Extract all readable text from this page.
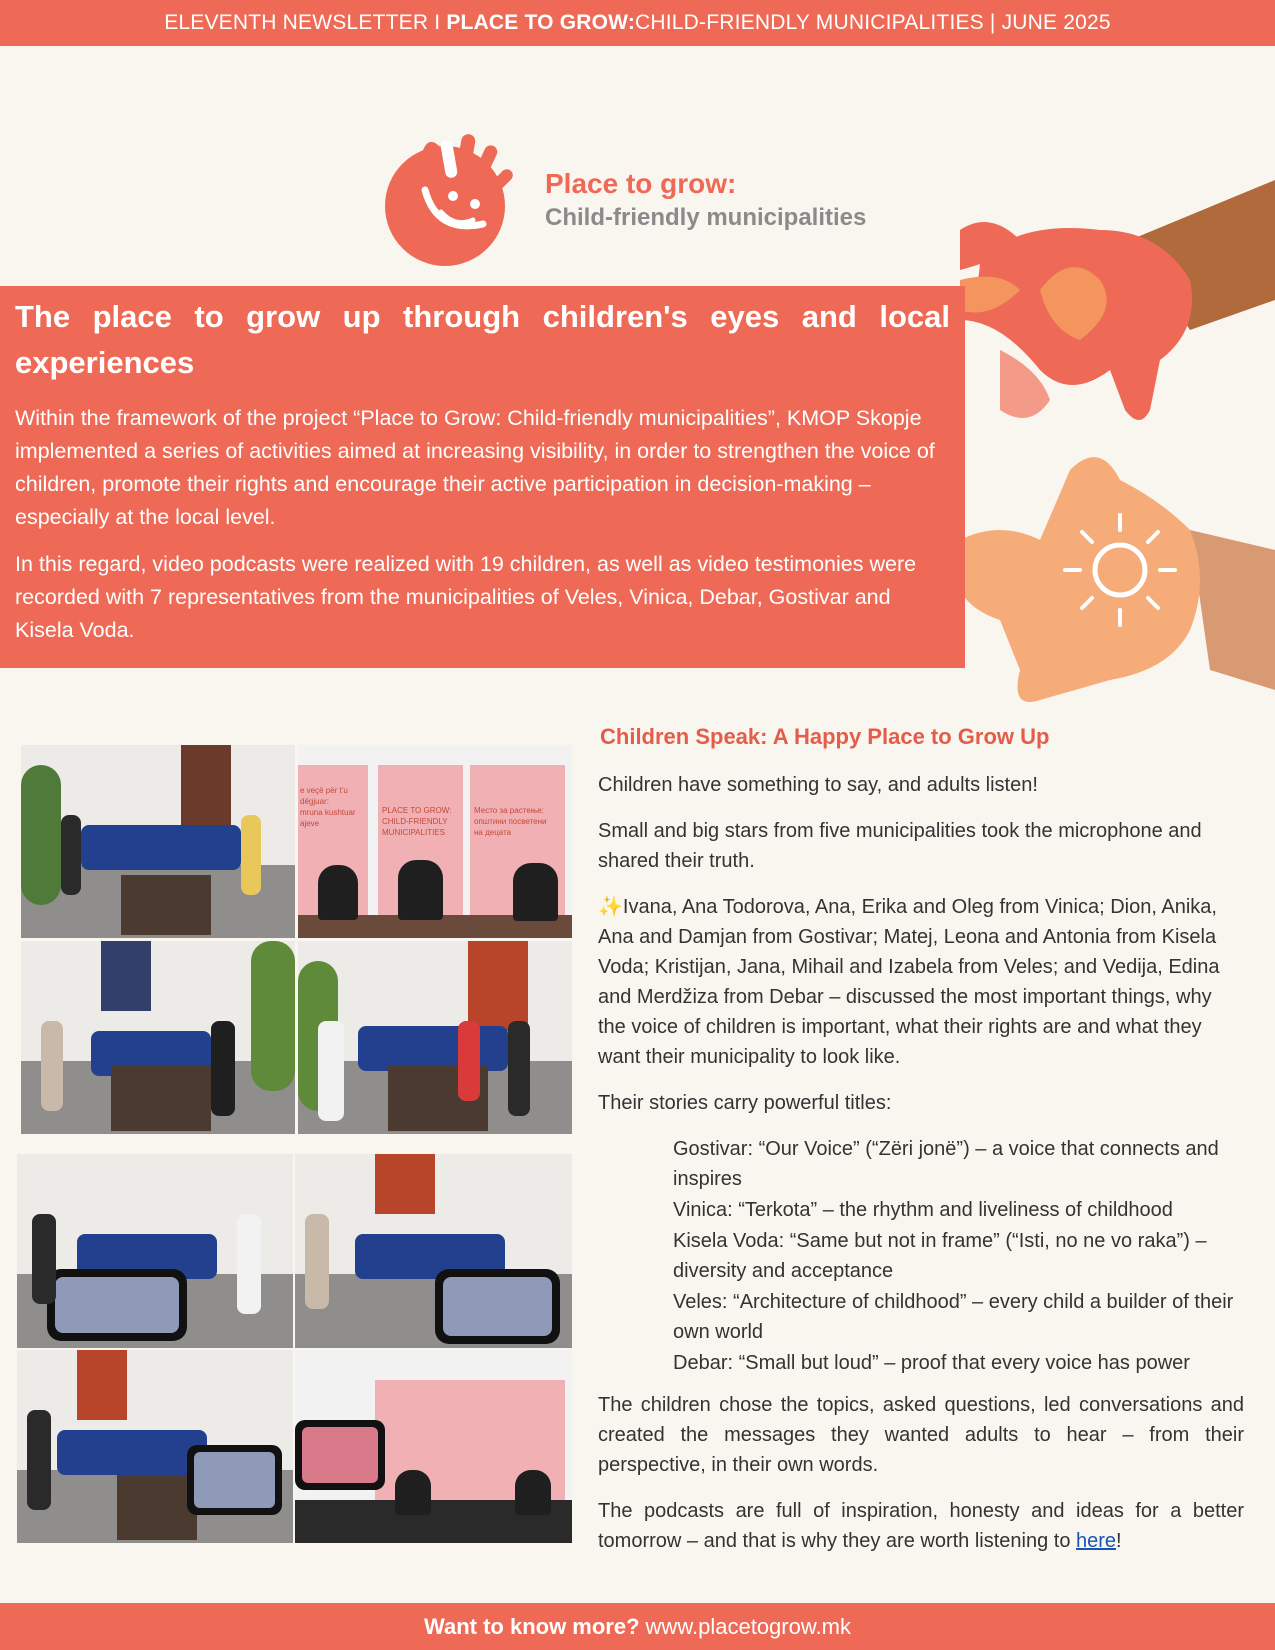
ELEVENTH NEWSLETTER I
PLACE TO GROW: CHILD-FRIENDLY MUNICIPALITIES | JUNE 2025
Place to grow:
Child-friendly municipalities
The place to grow up through children's eyes and local experiences

Within the framework of the project “Place to Grow: Child-friendly municipalities”, KMOP Skopje implemented a series of activities aimed at increasing visibility, in order to strengthen the voice of children, promote their rights and encourage their active participation in decision-making – especially at the local level.

In this regard, video podcasts were realized with 19 children, as well as video testimonies were recorded with 7 representatives from the municipalities of Veles, Vinica, Debar, Gostivar and Kisela Voda.

e veçë për t'u dëgjuar:
mruna kushtuar
ajeve
PLACE TO GROW:
CHILD-FRIENDLY
MUNICIPALITIES
Место за растење:
општини посветени
на децата
Children Speak: A Happy Place to Grow Up

Children have something to say, and adults listen!

Small and big stars from five municipalities took the microphone and shared their truth.

✨Ivana, Ana Todorova, Ana, Erika and Oleg from Vinica; Dion, Anika, Ana and Damjan from Gostivar; Matej, Leona and Antonia from Kisela Voda; Kristijan, Jana, Mihail and Izabela from Veles; and Vedija, Edina and Merdžiza from Debar – discussed the most important things, why the voice of children is important, what their rights are and what they want their municipality to look like.

Their stories carry powerful titles:

Gostivar: “Our Voice” (“Zëri jonë”) – a voice that connects and inspires
Vinica: “Terkota” – the rhythm and liveliness of childhood
Kisela Voda: “Same but not in frame” (“Isti, no ne vo raka”) – diversity and acceptance
Veles: “Architecture of childhood” – every child a builder of their own world
Debar: “Small but loud” – proof that every voice has power

The children chose the topics, asked questions, led conversations and created the messages they wanted adults to hear – from their perspective, in their own words.

The podcasts are full of inspiration, honesty and ideas for a better tomorrow – and that is why they are worth listening to here!

Want to know more? www.placetogrow.mk
